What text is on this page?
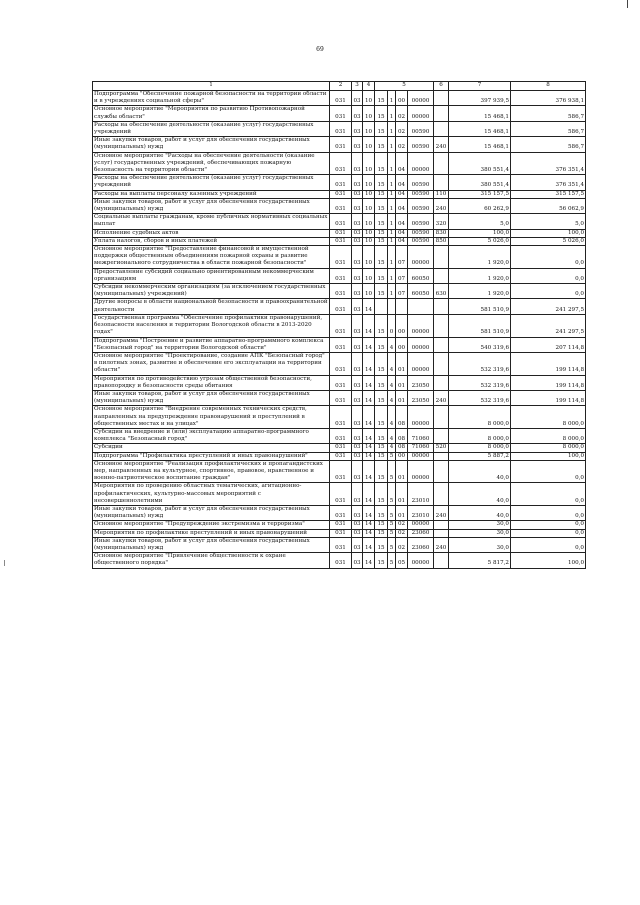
69
1	2	3	4	5				6	7	8
Подпрограмма "Обеспечение пожарной безопасности на территории области и в учреждениях социальной сферы"	031	03	10	15	1	00	00000		397 939,5	376 938,1
Основное мероприятие "Мероприятия по развитию Противопожарной службы области"	031	03	10	15	1	02	00000		15 468,1	586,7
Расходы на обеспечение деятельности (оказание услуг) государственных учреждений	031	03	10	15	1	02	00590		15 468,1	586,7
Иные закупки товаров, работ и услуг для обеспечения государственных (муниципальных) нужд	031	03	10	15	1	02	00590	240	15 468,1	586,7
Основное мероприятие "Расходы на обеспечение деятельности (оказание услуг) государственных учреждений, обеспечивающих пожарную безопасность на территории области"	031	03	10	15	1	04	00000		380 551,4	376 351,4
Расходы на обеспечение деятельности (оказание услуг) государственных учреждений	031	03	10	15	1	04	00590		380 551,4	376 351,4
Расходы на выплаты персоналу казенных учреждений	031	03	10	15	1	04	00590	110	315 157,5	315 157,5
Иные закупки товаров, работ и услуг для обеспечения государственных (муниципальных) нужд	031	03	10	15	1	04	00590	240	60 262,9	56 062,9
Социальные выплаты гражданам, кроме публичных нормативных социальных выплат	031	03	10	15	1	04	00590	320	5,0	5,0
Исполнение судебных актов	031	03	10	15	1	04	00590	830	100,0	100,0
Уплата налогов, сборов и иных платежей	031	03	10	15	1	04	00590	850	5 026,0	5 026,0
Основное мероприятие "Предоставление финансовой и имущественной поддержки общественным объединениям пожарной охраны и развитие межрегионального сотрудничества в области пожарной безопасности"	031	03	10	15	1	07	00000		1 920,0	0,0
Предоставление субсидий социально ориентированным некоммерческим организациям	031	03	10	15	1	07	60050		1 920,0	0,0
Субсидии некоммерческим организациям (за исключением государственных (муниципальных) учреждений)	031	03	10	15	1	07	60050	630	1 920,0	0,0
Другие вопросы в области национальной безопасности и правоохранительной деятельности	031	03	14						581 510,9	241 297,5
Государственная программа "Обеспечение профилактики правонарушений, безопасности населения и территории Вологодской области в 2013-2020 годах"	031	03	14	15	0	00	00000		581 510,9	241 297,5
Подпрограмма "Построение и развитие аппаратно-программного комплекса "Безопасный город" на территории Вологодской области"	031	03	14	15	4	00	00000		540 319,6	207 114,8
Основное мероприятие "Проектирование, создание АПК "Безопасный город" в пилотных зонах, развитие и обеспечение его эксплуатации на территории области"	031	03	14	15	4	01	00000		532 319,6	199 114,8
Мероприятия по противодействию угрозам общественной безопасности, правопорядку и безопасности среды обитания	031	03	14	15	4	01	23050		532 319,6	199 114,8
Иные закупки товаров, работ и услуг для обеспечения государственных (муниципальных) нужд	031	03	14	15	4	01	23050	240	532 319,6	199 114,8
Основное мероприятие "Внедрение современных технических средств, направленных на предупреждение правонарушений и преступлений в общественных местах и на улицах"	031	03	14	15	4	08	00000		8 000,0	8 000,0
Субсидии на внедрение и (или) эксплуатацию аппаратно-программного комплекса "Безопасный город"	031	03	14	15	4	08	71060		8 000,0	8 000,0
Субсидии	031	03	14	15	4	08	71060	520	8 000,0	8 000,0
Подпрограмма "Профилактика преступлений и иных правонарушений"	031	03	14	15	5	00	00000		5 887,2	100,0
Основное мероприятие "Реализация профилактических и пропагандистских мер, направленных на культурное, спортивное, правовое, нравственное и военно-патриотическое воспитание граждан"	031	03	14	15	5	01	00000		40,0	0,0
Мероприятия по проведению областных тематических, агитационно-профилактических, культурно-массовых мероприятий с несовершеннолетними	031	03	14	15	5	01	23010		40,0	0,0
Иные закупки товаров, работ и услуг для обеспечения государственных (муниципальных) нужд	031	03	14	15	5	01	23010	240	40,0	0,0
Основное мероприятие "Предупреждение экстремизма и терроризма"	031	03	14	15	5	02	00000		30,0	0,0
Мероприятия по профилактике преступлений и иных правонарушений	031	03	14	15	5	02	23060		30,0	0,0
Иные закупки товаров, работ и услуг для обеспечения государственных (муниципальных) нужд	031	03	14	15	5	02	23060	240	30,0	0,0
Основное мероприятие "Привлечение общественности к охране общественного порядка"	031	03	14	15	5	05	00000		5 817,2	100,0
